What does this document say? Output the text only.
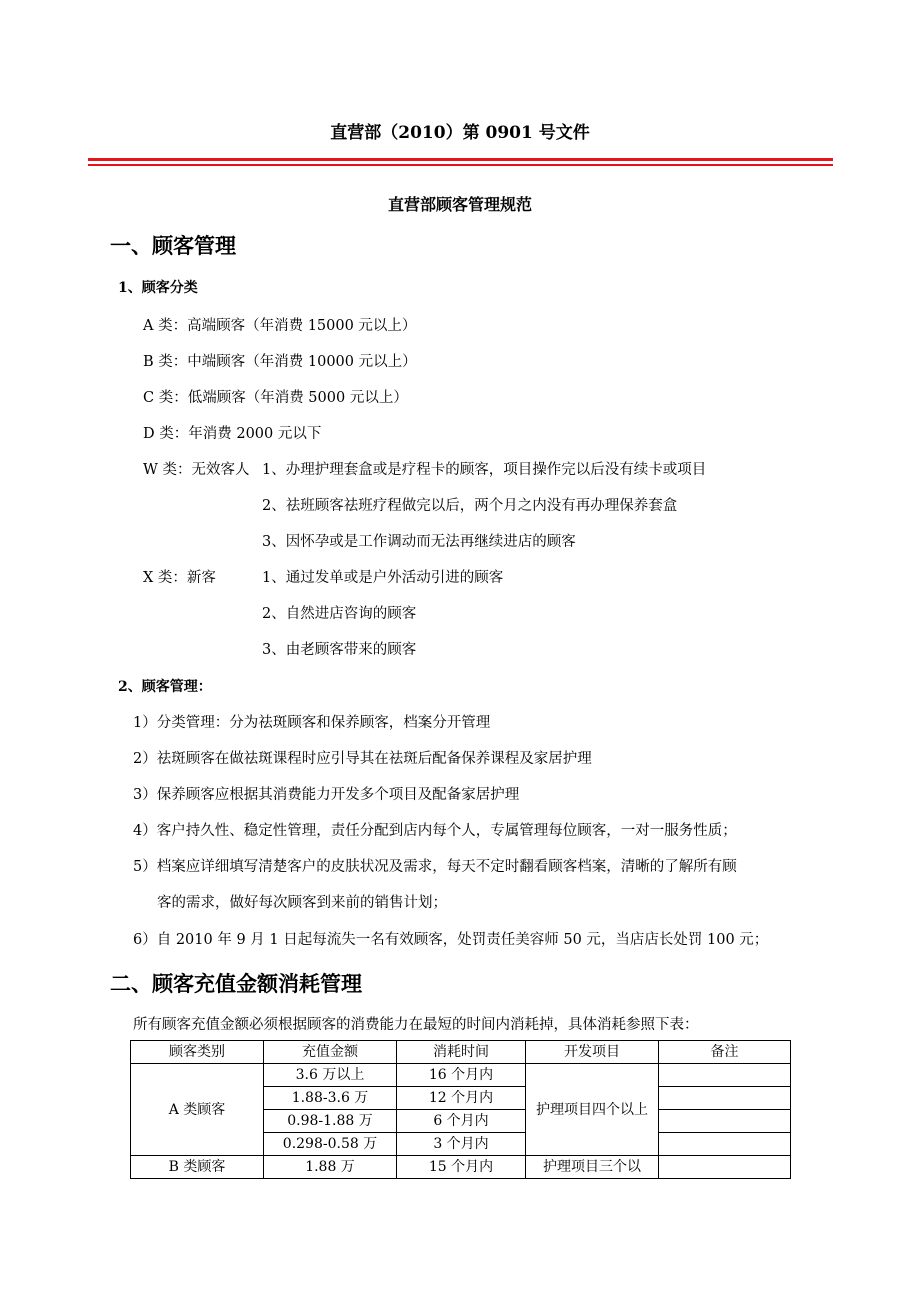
直营部（2010）第 0901 号文件
直营部顾客管理规范
一、顾客管理
1、顾客分类
A 类：高端顾客（年消费 15000 元以上）
B 类：中端顾客（年消费 10000 元以上）
C 类：低端顾客（年消费 5000 元以上）
D 类：年消费 2000 元以下
W 类：无效客人 1、办理护理套盒或是疗程卡的顾客，项目操作完以后没有续卡或项目
2、祛班顾客祛班疗程做完以后，两个月之内没有再办理保养套盒
3、因怀孕或是工作调动而无法再继续进店的顾客
X 类：新客	1、通过发单或是户外活动引进的顾客
2、自然进店咨询的顾客
3、由老顾客带来的顾客
2、顾客管理：
1）分类管理：分为祛斑顾客和保养顾客，档案分开管理
2）祛斑顾客在做祛斑课程时应引导其在祛斑后配备保养课程及家居护理
3）保养顾客应根据其消费能力开发多个项目及配备家居护理
4）客户持久性、稳定性管理，责任分配到店内每个人，专属管理每位顾客，一对一服务性质；
5）档案应详细填写清楚客户的皮肤状况及需求，每天不定时翻看顾客档案，清晰的了解所有顾
客的需求，做好每次顾客到来前的销售计划；
6）自 2010 年 9 月 1 日起每流失一名有效顾客，处罚责任美容师 50 元，当店店长处罚 100 元；
二、顾客充值金额消耗管理
所有顾客充值金额必须根据顾客的消费能力在最短的时间内消耗掉，具体消耗参照下表：
顾客类别	充值金额	消耗时间	开发项目	备注
A 类顾客	3.6 万以上	16 个月内	护理项目四个以上	
	1.88-3.6 万	12 个月内		
	0.98-1.88 万	6 个月内		
	0.298-0.58 万	3 个月内		
B 类顾客	1.88 万	15 个月内	护理项目三个以	
